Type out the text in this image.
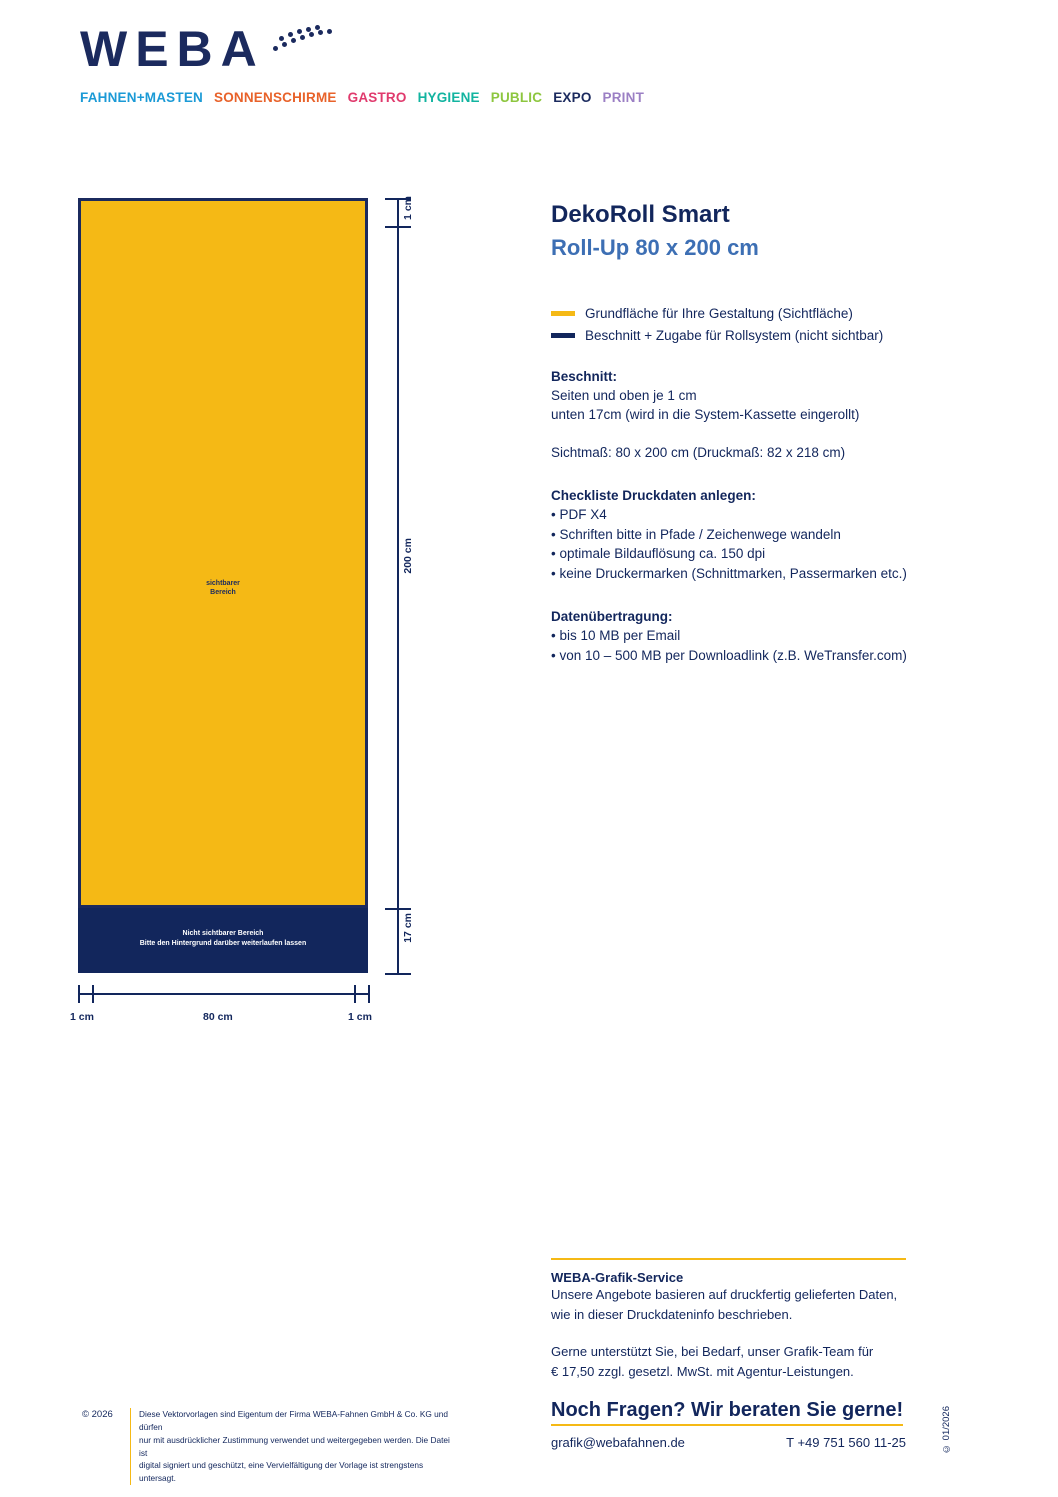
WEBA
FAHNEN+MASTEN SONNENSCHIRME GASTRO HYGIENE PUBLIC EXPO PRINT
sichtbarer
Bereich
Nicht sichtbarer Bereich
Bitte den Hintergrund darüber weiterlaufen lassen
1 cm
200 cm
17 cm
1 cm	80 cm	1 cm
DekoRoll Smart
Roll-Up 80 x 200 cm
Grundfläche für Ihre Gestaltung (Sichtfläche)
Beschnitt + Zugabe für Rollsystem (nicht sichtbar)
Beschnitt:
Seiten und oben je 1 cm
unten 17cm (wird in die System-Kassette eingerollt)
Sichtmaß: 80 x 200 cm (Druckmaß: 82 x 218 cm)
Checkliste Druckdaten anlegen:
• PDF X4
• Schriften bitte in Pfade / Zeichenwege wandeln
• optimale Bildauflösung ca. 150 dpi
• keine Druckermarken (Schnittmarken, Passermarken etc.)
Datenübertragung:
• bis 10 MB per Email
• von 10 – 500 MB per Downloadlink (z.B. WeTransfer.com)
WEBA-Grafik-Service
Unsere Angebote basieren auf druckfertig gelieferten Daten,
wie in dieser Druckdateninfo beschrieben.
Gerne unterstützt Sie, bei Bedarf, unser Grafik-Team für
€ 17,50 zzgl. gesetzl. MwSt. mit Agentur-Leistungen.
Noch Fragen? Wir beraten Sie gerne!
grafik@webafahnen.de	T +49 751 560 11-25
© 2026	Diese Vektorvorlagen sind Eigentum der Firma WEBA-Fahnen GmbH & Co. KG und dürfen
nur mit ausdrücklicher Zustimmung verwendet und weitergegeben werden. Die Datei ist
digital signiert und geschützt, eine Vervielfältigung der Vorlage ist strengstens untersagt.
© 01/2026
